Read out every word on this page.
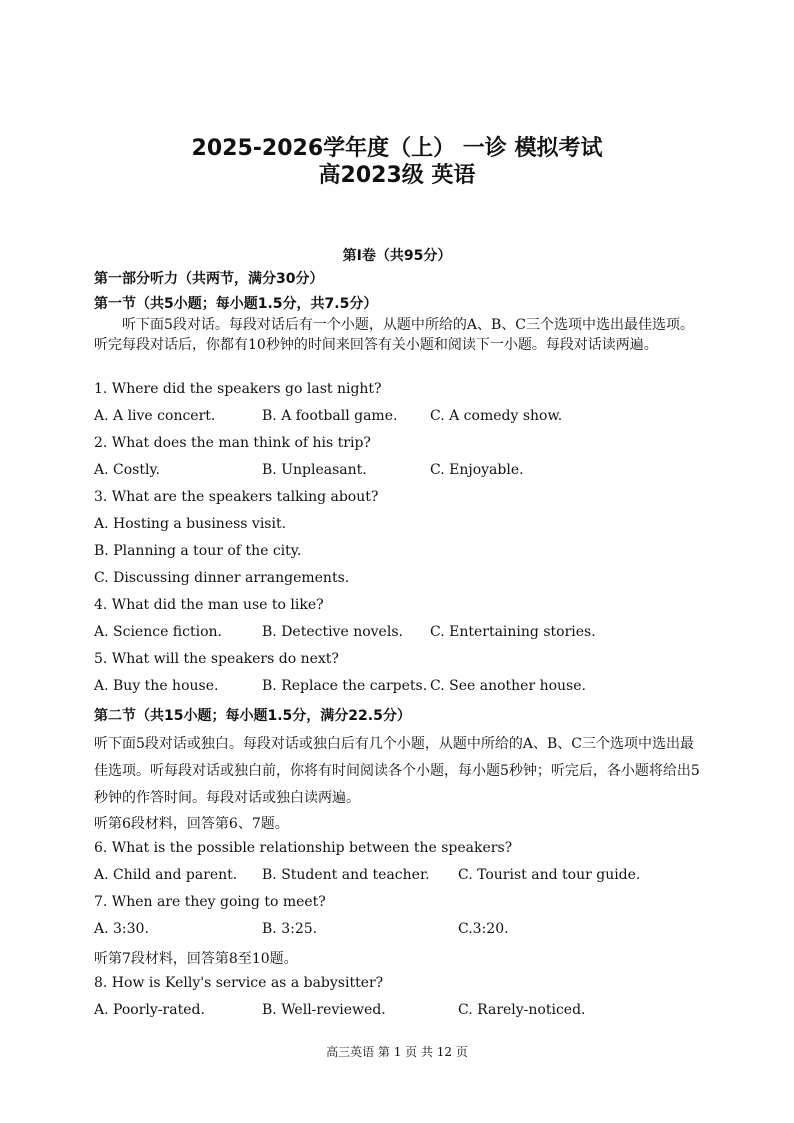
2025-2026学年度（上） 一诊 模拟考试
高2023级 英语
第Ⅰ卷（共95分）
第一部分听力（共两节，满分30分）
第一节（共5小题；每小题1.5分，共7.5分）
听下面5段对话。每段对话后有一个小题，从题中所给的A、B、C三个选项中选出最佳选项。听完每段对话后，你都有10秒钟的时间来回答有关小题和阅读下一小题。每段对话读两遍。
1. Where did the speakers go last night?
A. A live concert.	B. A football game. C. A comedy show.
2. What does the man think of his trip?
A. Costly.	B. Unpleasant.	C. Enjoyable.
3. What are the speakers talking about?
A. Hosting a business visit.
B. Planning a tour of the city.
C. Discussing dinner arrangements.
4. What did the man use to like?
A. Science fiction.	B. Detective novels. C. Entertaining stories.
5. What will the speakers do next?
A. Buy the house.	B. Replace the carpets. C. See another house.
第二节（共15小题；每小题1.5分，满分22.5分）
听下面5段对话或独白。每段对话或独白后有几个小题，从题中所给的A、B、C三个选项中选出最佳选项。听每段对话或独白前，你将有时间阅读各个小题，每小题5秒钟；听完后，各小题将给出5秒钟的作答时间。每段对话或独白读两遍。
听第6段材料，回答第6、7题。
6. What is the possible relationship between the speakers?
A. Child and parent. B. Student and teacher. C. Tourist and tour guide.
7. When are they going to meet?
A. 3:30.	B. 3:25.	C.3:20.
听第7段材料，回答第8至10题。
8. How is Kelly's service as a babysitter?
A. Poorly-rated.	B. Well-reviewed.	C. Rarely-noticed.
高三英语 第 1 页 共 12 页
